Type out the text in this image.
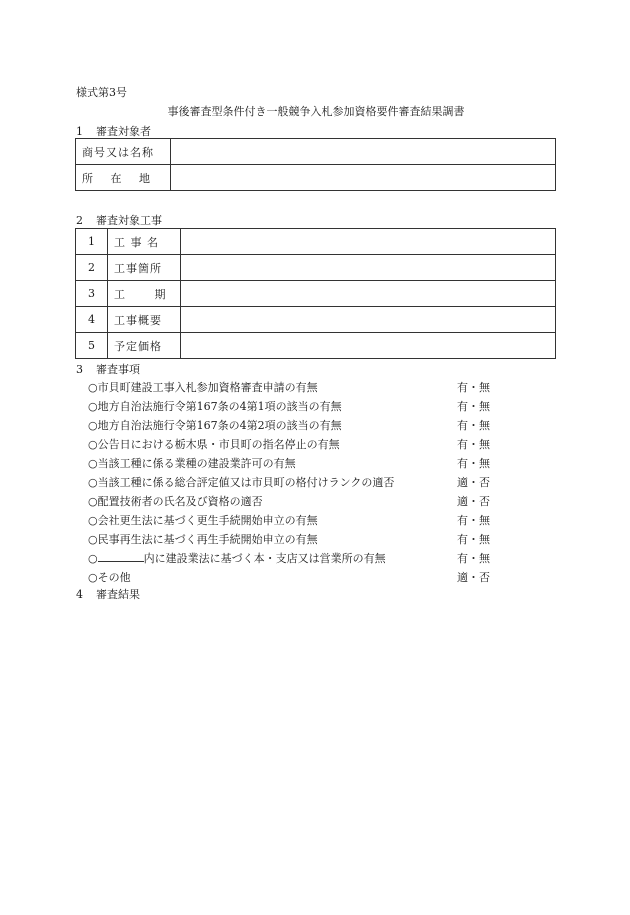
様式第3号
事後審査型条件付き一般競争入札参加資格要件審査結果調書
1 審査対象者
商号又は名称	
所　 在　 地	
2 審査対象工事
1	工 事 名	
2	工事箇所	
3	工　　 期	
4	工事概要	
5	予定価格	
3 審査事項
○市貝町建設工事入札参加資格審査申請の有無	有・無
○地方自治法施行令第167条の4第1項の該当の有無	有・無
○地方自治法施行令第167条の4第2項の該当の有無	有・無
○公告日における栃木県・市貝町の指名停止の有無	有・無
○当該工種に係る業種の建設業許可の有無	有・無
○当該工種に係る総合評定値又は市貝町の格付けランクの適否	適・否
○配置技術者の氏名及び資格の適否	適・否
○会社更生法に基づく更生手続開始申立の有無	有・無
○民事再生法に基づく再生手続開始申立の有無	有・無
○	内に建設業法に基づく本・支店又は営業所の有無	有・無
○その他	適・否
4 審査結果
